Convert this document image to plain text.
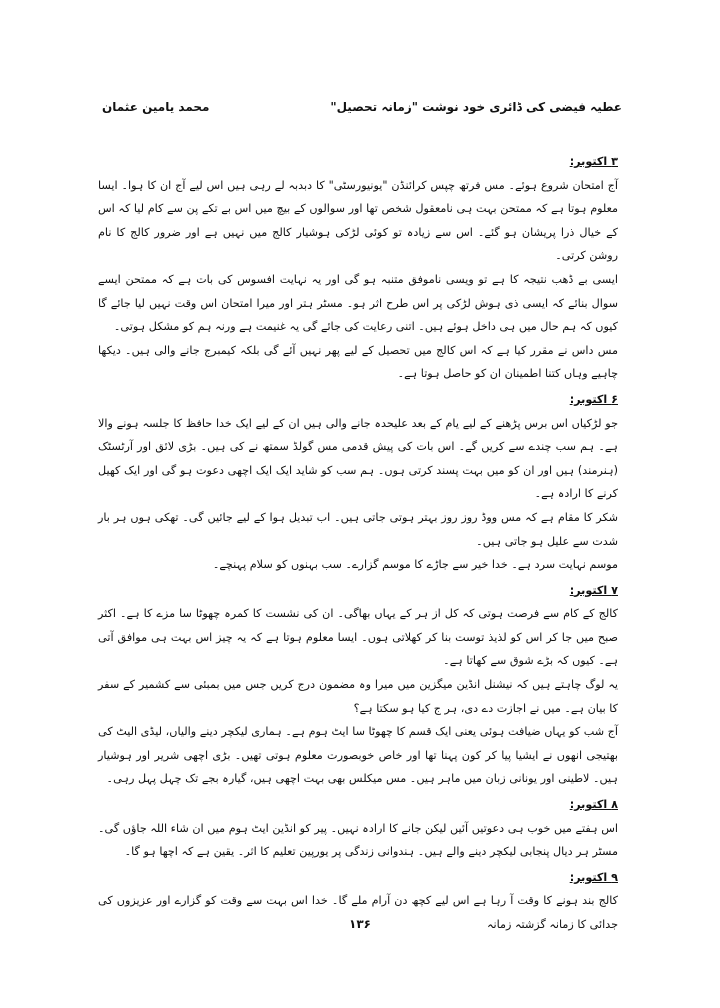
عطیہ فیضی کی ڈائری خود نوشت "زمانہ تحصیل"
محمد یامین عثمان

۳ اکتوبر:

آج امتحان شروع ہوئے۔ مس فرتھ چپس کرائنڈن "یونیورسٹی" کا دبدبہ لے رہی ہیں اس لیے آج ان کا ہوا۔ ایسا معلوم ہوتا ہے کہ ممتحن بہت ہی نامعقول شخص تھا اور سوالوں کے بیچ میں اس بے تکے پن سے کام لیا کہ اس کے خیال ذرا پریشان ہو گئے۔ اس سے زیادہ تو کوئی لڑکی ہوشیار کالج میں نہیں ہے اور ضرور کالج کا نام روشن کرتی۔

ایسی بے ڈھب نتیجہ کا ہے تو ویسی ناموفق متنبہ ہو گی اور یہ نہایت افسوس کی بات ہے کہ ممتحن ایسے سوال بنائے کہ ایسی ذی ہوش لڑکی پر اس طرح اثر ہو۔ مسٹر ہتر اور میرا امتحان اس وقت نہیں لیا جائے گا کیوں کہ ہم حال میں ہی داخل ہوئے ہیں۔ اتنی رعایت کی جائے گی یہ غنیمت ہے ورنہ ہم کو مشکل ہوتی۔

مس داس نے مقرر کیا ہے کہ اس کالج میں تحصیل کے لیے پھر نہیں آئے گی بلکہ کیمبرج جانے والی ہیں۔ دیکھا چاہیے وہاں کتنا اطمینان ان کو حاصل ہوتا ہے۔

۶ اکتوبر:

جو لڑکیاں اس برس پڑھنے کے لیے یام کے بعد علیحدہ جانے والی ہیں ان کے لیے ایک خدا حافظ کا جلسہ ہونے والا ہے۔ ہم سب چندے سے کریں گے۔ اس بات کی پیش قدمی مس گولڈ سمتھ نے کی ہیں۔ بڑی لائق اور آرٹسٹک (ہنرمند) ہیں اور ان کو میں بہت پسند کرتی ہوں۔ ہم سب کو شاید ایک ایک اچھی دعوت ہو گی اور ایک کھیل کرنے کا ارادہ ہے۔

شکر کا مقام ہے کہ مس ووڈ روز روز بہتر ہوتی جاتی ہیں۔ اب تبدیل ہوا کے لیے جائیں گی۔ تھکی ہوں ہر بار شدت سے علیل ہو جاتی ہیں۔

موسم نہایت سرد ہے۔ خدا خیر سے جاڑے کا موسم گزارے۔ سب بہنوں کو سلام پہنچے۔

۷ اکتوبر:

کالج کے کام سے فرصت ہوتی کہ کل از ہر کے یہاں بھاگی۔ ان کی نشست کا کمرہ چھوٹا سا مزے کا ہے۔ اکثر صبح میں جا کر اس کو لذیذ توست بنا کر کھلاتی ہوں۔ ایسا معلوم ہوتا ہے کہ یہ چیز اس بہت ہی موافق آتی ہے۔ کیوں کہ بڑے شوق سے کھاتا ہے۔

یہ لوگ چاہتے ہیں کہ نیشنل انڈین میگزین میں میرا وہ مضمون درج کریں جس میں بمبئی سے کشمیر کے سفر کا بیان ہے۔ میں نے اجازت دے دی، ہر ج کیا ہو سکتا ہے؟

آج شب کو یہاں ضیافت ہوئی یعنی ایک قسم کا چھوٹا سا ایٹ ہوم ہے۔ ہماری لیکچر دینے والیاں، لیڈی الیٹ کی بھتیجی انھوں نے ایشیا پیا کر کون پہنا تھا اور خاص خوبصورت معلوم ہوتی تھیں۔ بڑی اچھی شریر اور ہوشیار ہیں۔ لاطینی اور یونانی زبان میں ماہر ہیں۔ مس میکلس بھی بہت اچھی ہیں، گیارہ بجے تک چہل پہل رہی۔

۸ اکتوبر:

اس ہفتے میں خوب ہی دعوتیں آئیں لیکن جانے کا ارادہ نہیں۔ پیر کو انڈین ایٹ ہوم میں ان شاء اللہ جاؤں گی۔ مسٹر ہر دیال پنجابی لیکچر دینے والے ہیں۔ ہندوانی زندگی پر یورپین تعلیم کا اثر۔ یقین ہے کہ اچھا ہو گا۔

۹ اکتوبر:

کالج بند ہونے کا وقت آ رہا ہے اس لیے کچھ دن آرام ملے گا۔ خدا اس بہت سے وقت کو گزارے اور عزیزوں کی جدائی کا زمانہ گزشتہ زمانہ

۱۳۶
